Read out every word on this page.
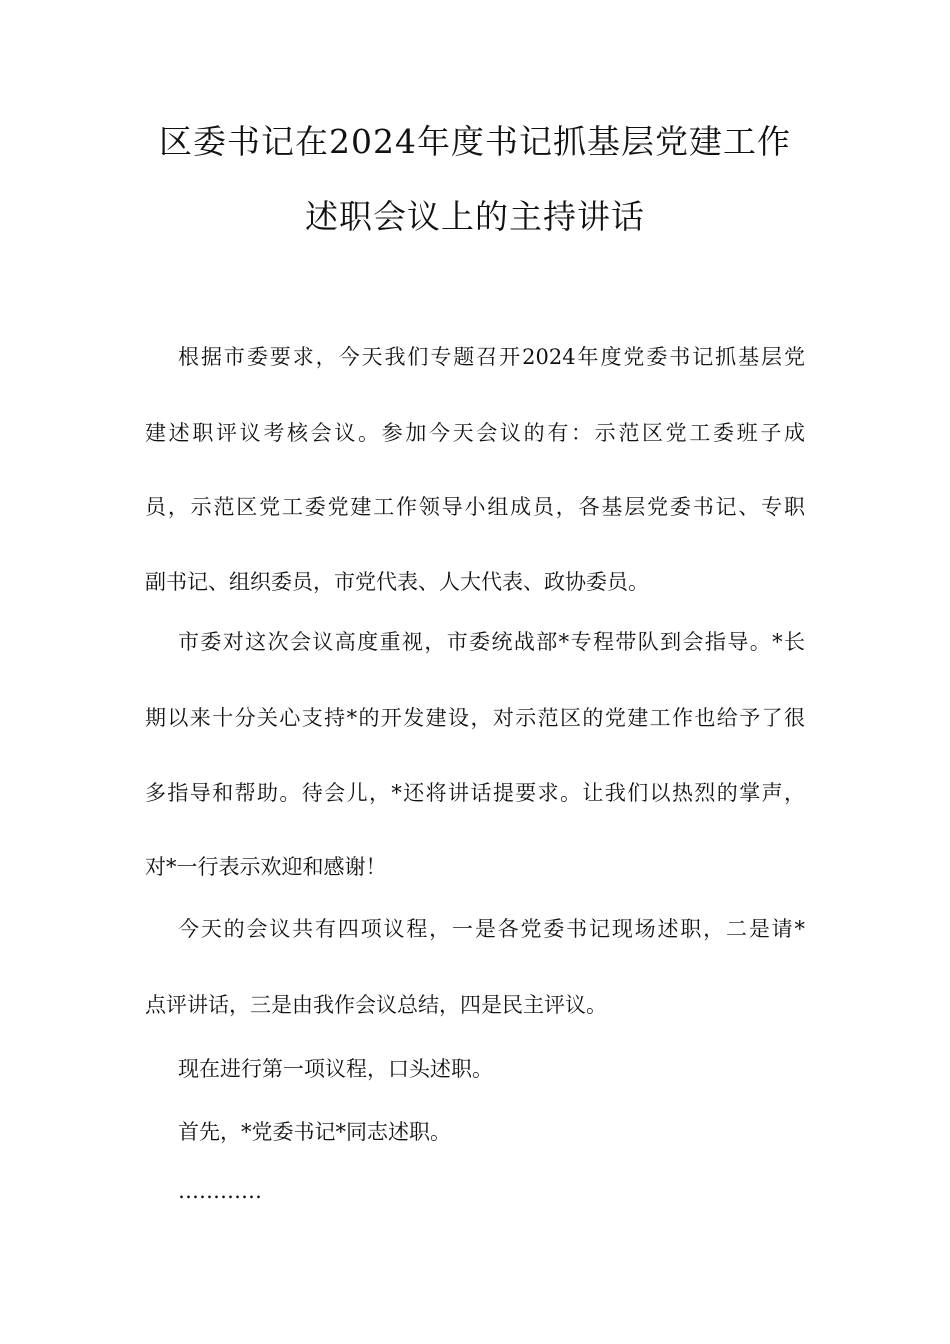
区委书记在2024年度书记抓基层党建工作
述职会议上的主持讲话
根据市委要求，今天我们专题召开2024年度党委书记抓基层党
建述职评议考核会议。参加今天会议的有：示范区党工委班子成
员，示范区党工委党建工作领导小组成员，各基层党委书记、专职
副书记、组织委员，市党代表、人大代表、政协委员。
市委对这次会议高度重视，市委统战部*专程带队到会指导。*长
期以来十分关心支持*的开发建设，对示范区的党建工作也给予了很
多指导和帮助。待会儿，*还将讲话提要求。让我们以热烈的掌声，
对*一行表示欢迎和感谢！
今天的会议共有四项议程，一是各党委书记现场述职，二是请*
点评讲话，三是由我作会议总结，四是民主评议。
现在进行第一项议程，口头述职。
首先，*党委书记*同志述职。
…………
